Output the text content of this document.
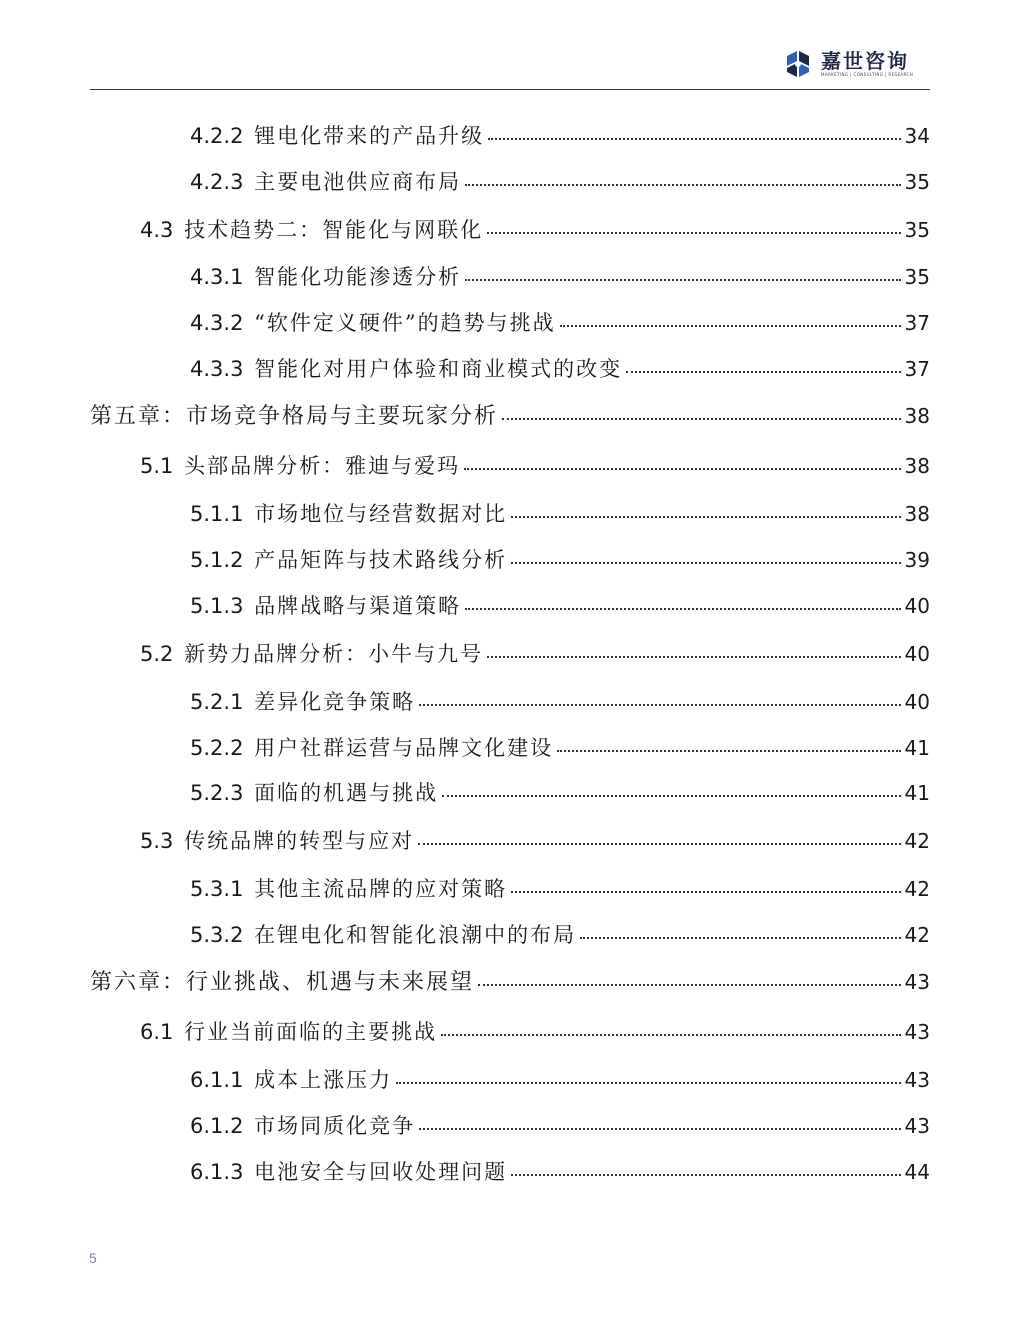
嘉世咨询
MARKETING | CONSULTING | RESEARCH
4.2.2 锂电化带来的产品升级	34
4.2.3 主要电池供应商布局	35
4.3 技术趋势二：智能化与网联化	35
4.3.1 智能化功能渗透分析	35
4.3.2 “软件定义硬件”的趋势与挑战	37
4.3.3 智能化对用户体验和商业模式的改变	37
第五章：市场竞争格局与主要玩家分析	38
5.1 头部品牌分析：雅迪与爱玛	38
5.1.1 市场地位与经营数据对比	38
5.1.2 产品矩阵与技术路线分析	39
5.1.3 品牌战略与渠道策略	40
5.2 新势力品牌分析：小牛与九号	40
5.2.1 差异化竞争策略	40
5.2.2 用户社群运营与品牌文化建设	41
5.2.3 面临的机遇与挑战	41
5.3 传统品牌的转型与应对	42
5.3.1 其他主流品牌的应对策略	42
5.3.2 在锂电化和智能化浪潮中的布局	42
第六章：行业挑战、机遇与未来展望	43
6.1 行业当前面临的主要挑战	43
6.1.1 成本上涨压力	43
6.1.2 市场同质化竞争	43
6.1.3 电池安全与回收处理问题	44
5
